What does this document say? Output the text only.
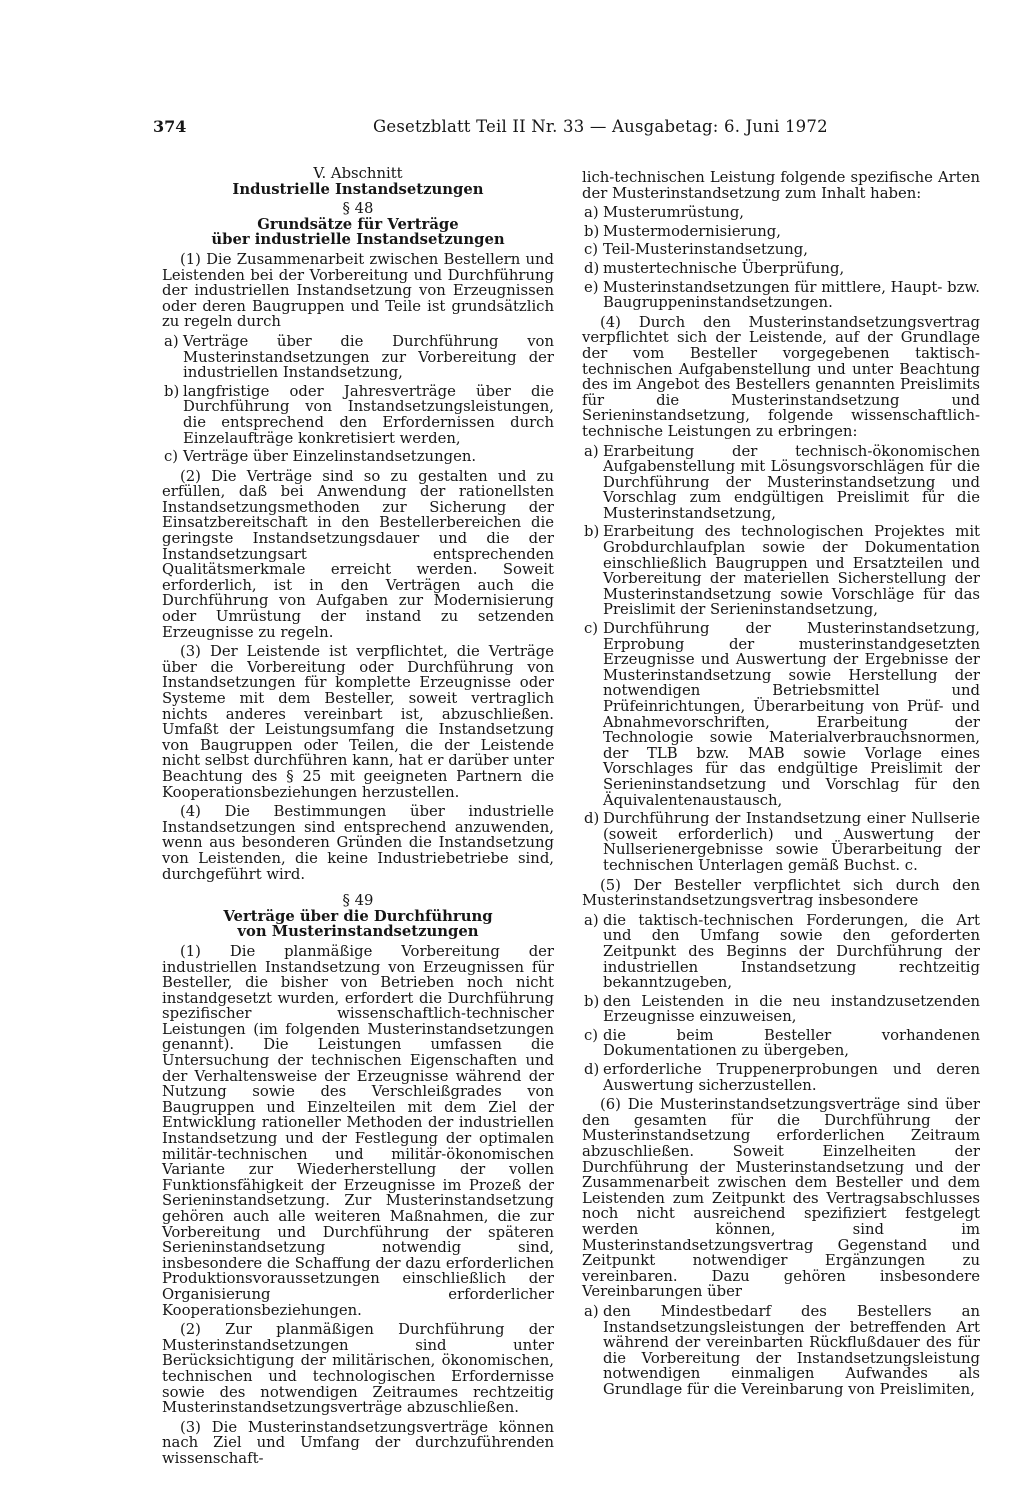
374	Gesetzblatt Teil II Nr. 33 — Ausgabetag: 6. Juni 1972

V. Abschnitt

Industrielle Instandsetzungen

§ 48

Grundsätze für Verträge

über industrielle Instandsetzungen

(1) Die Zusammenarbeit zwischen Bestellern und Leistenden bei der Vorbereitung und Durchführung der industriellen Instandsetzung von Erzeugnissen oder deren Baugruppen und Teile ist grundsätzlich zu regeln durch

a) Verträge über die Durchführung von Musterinstandsetzungen zur Vorbereitung der industriellen Instandsetzung,
b) langfristige oder Jahresverträge über die Durchführung von Instandsetzungsleistungen, die entsprechend den Erfordernissen durch Einzelaufträge konkretisiert werden,
c) Verträge über Einzelinstandsetzungen.

(2) Die Verträge sind so zu gestalten und zu erfüllen, daß bei Anwendung der rationellsten Instandsetzungsmethoden zur Sicherung der Einsatzbereitschaft in den Bestellerbereichen die geringste Instandsetzungsdauer und die der Instandsetzungsart entsprechenden Qualitätsmerkmale erreicht werden. Soweit erforderlich, ist in den Verträgen auch die Durchführung von Aufgaben zur Modernisierung oder Umrüstung der instand zu setzenden Erzeugnisse zu regeln.

(3) Der Leistende ist verpflichtet, die Verträge über die Vorbereitung oder Durchführung von Instandsetzungen für komplette Erzeugnisse oder Systeme mit dem Besteller, soweit vertraglich nichts anderes vereinbart ist, abzuschließen. Umfaßt der Leistungsumfang die Instandsetzung von Baugruppen oder Teilen, die der Leistende nicht selbst durchführen kann, hat er darüber unter Beachtung des § 25 mit geeigneten Partnern die Kooperationsbeziehungen herzustellen.

(4) Die Bestimmungen über industrielle Instandsetzungen sind entsprechend anzuwenden, wenn aus besonderen Gründen die Instandsetzung von Leistenden, die keine Industriebetriebe sind, durchgeführt wird.

§ 49

Verträge über die Durchführung

von Musterinstandsetzungen

(1) Die planmäßige Vorbereitung der industriellen Instandsetzung von Erzeugnissen für Besteller, die bisher von Betrieben noch nicht instandgesetzt wurden, erfordert die Durchführung spezifischer wissenschaftlich-technischer Leistungen (im folgenden Musterinstandsetzungen genannt). Die Leistungen umfassen die Untersuchung der technischen Eigenschaften und der Verhaltensweise der Erzeugnisse während der Nutzung sowie des Verschleißgrades von Baugruppen und Einzelteilen mit dem Ziel der Entwicklung rationeller Methoden der industriellen Instandsetzung und der Festlegung der optimalen militär-technischen und militär-ökonomischen Variante zur Wiederherstellung der vollen Funktionsfähigkeit der Erzeugnisse im Prozeß der Serieninstandsetzung. Zur Musterinstandsetzung gehören auch alle weiteren Maßnahmen, die zur Vorbereitung und Durchführung der späteren Serieninstandsetzung notwendig sind, insbesondere die Schaffung der dazu erforderlichen Produktionsvoraussetzungen einschließlich der Organisierung erforderlicher Kooperationsbeziehungen.

(2) Zur planmäßigen Durchführung der Musterinstandsetzungen sind unter Berücksichtigung der militärischen, ökonomischen, technischen und technologischen Erfordernisse sowie des notwendigen Zeitraumes rechtzeitig Musterinstandsetzungsverträge abzuschließen.

(3) Die Musterinstandsetzungsverträge können nach Ziel und Umfang der durchzuführenden wissenschaft-

lich-technischen Leistung folgende spezifische Arten der Musterinstandsetzung zum Inhalt haben:

a) Musterumrüstung,
b) Mustermodernisierung,
c) Teil-Musterinstandsetzung,
d) mustertechnische Überprüfung,
e) Musterinstandsetzungen für mittlere, Haupt- bzw. Baugruppeninstandsetzungen.

(4) Durch den Musterinstandsetzungsvertrag verpflichtet sich der Leistende, auf der Grundlage der vom Besteller vorgegebenen taktisch-technischen Aufgabenstellung und unter Beachtung des im Angebot des Bestellers genannten Preislimits für die Musterinstandsetzung und Serieninstandsetzung, folgende wissenschaftlich-technische Leistungen zu erbringen:

a) Erarbeitung der technisch-ökonomischen Aufgabenstellung mit Lösungsvorschlägen für die Durchführung der Musterinstandsetzung und Vorschlag zum endgültigen Preislimit für die Musterinstandsetzung,
b) Erarbeitung des technologischen Projektes mit Grobdurchlaufplan sowie der Dokumentation einschließlich Baugruppen und Ersatzteilen und Vorbereitung der materiellen Sicherstellung der Musterinstandsetzung sowie Vorschläge für das Preislimit der Serieninstandsetzung,
c) Durchführung der Musterinstandsetzung, Erprobung der musterinstandgesetzten Erzeugnisse und Auswertung der Ergebnisse der Musterinstandsetzung sowie Herstellung der notwendigen Betriebsmittel und Prüfeinrichtungen, Überarbeitung von Prüf- und Abnahmevorschriften, Erarbeitung der Technologie sowie Materialverbrauchsnormen, der TLB bzw. MAB sowie Vorlage eines Vorschlages für das endgültige Preislimit der Serieninstandsetzung und Vorschlag für den Äquivalentenaustausch,
d) Durchführung der Instandsetzung einer Nullserie (soweit erforderlich) und Auswertung der Nullserienergebnisse sowie Überarbeitung der technischen Unterlagen gemäß Buchst. c.

(5) Der Besteller verpflichtet sich durch den Musterinstandsetzungsvertrag insbesondere

a) die taktisch-technischen Forderungen, die Art und den Umfang sowie den geforderten Zeitpunkt des Beginns der Durchführung der industriellen Instandsetzung rechtzeitig bekanntzugeben,
b) den Leistenden in die neu instandzusetzenden Erzeugnisse einzuweisen,
c) die beim Besteller vorhandenen Dokumentationen zu übergeben,
d) erforderliche Truppenerprobungen und deren Auswertung sicherzustellen.

(6) Die Musterinstandsetzungsverträge sind über den gesamten für die Durchführung der Musterinstandsetzung erforderlichen Zeitraum abzuschließen. Soweit Einzelheiten der Durchführung der Musterinstandsetzung und der Zusammenarbeit zwischen dem Besteller und dem Leistenden zum Zeitpunkt des Vertragsabschlusses noch nicht ausreichend spezifiziert festgelegt werden können, sind im Musterinstandsetzungsvertrag Gegenstand und Zeitpunkt notwendiger Ergänzungen zu vereinbaren. Dazu gehören insbesondere Vereinbarungen über

a) den Mindestbedarf des Bestellers an Instandsetzungsleistungen der betreffenden Art während der vereinbarten Rückflußdauer des für die Vorbereitung der Instandsetzungsleistung notwendigen einmaligen Aufwandes als Grundlage für die Vereinbarung von Preislimiten,
